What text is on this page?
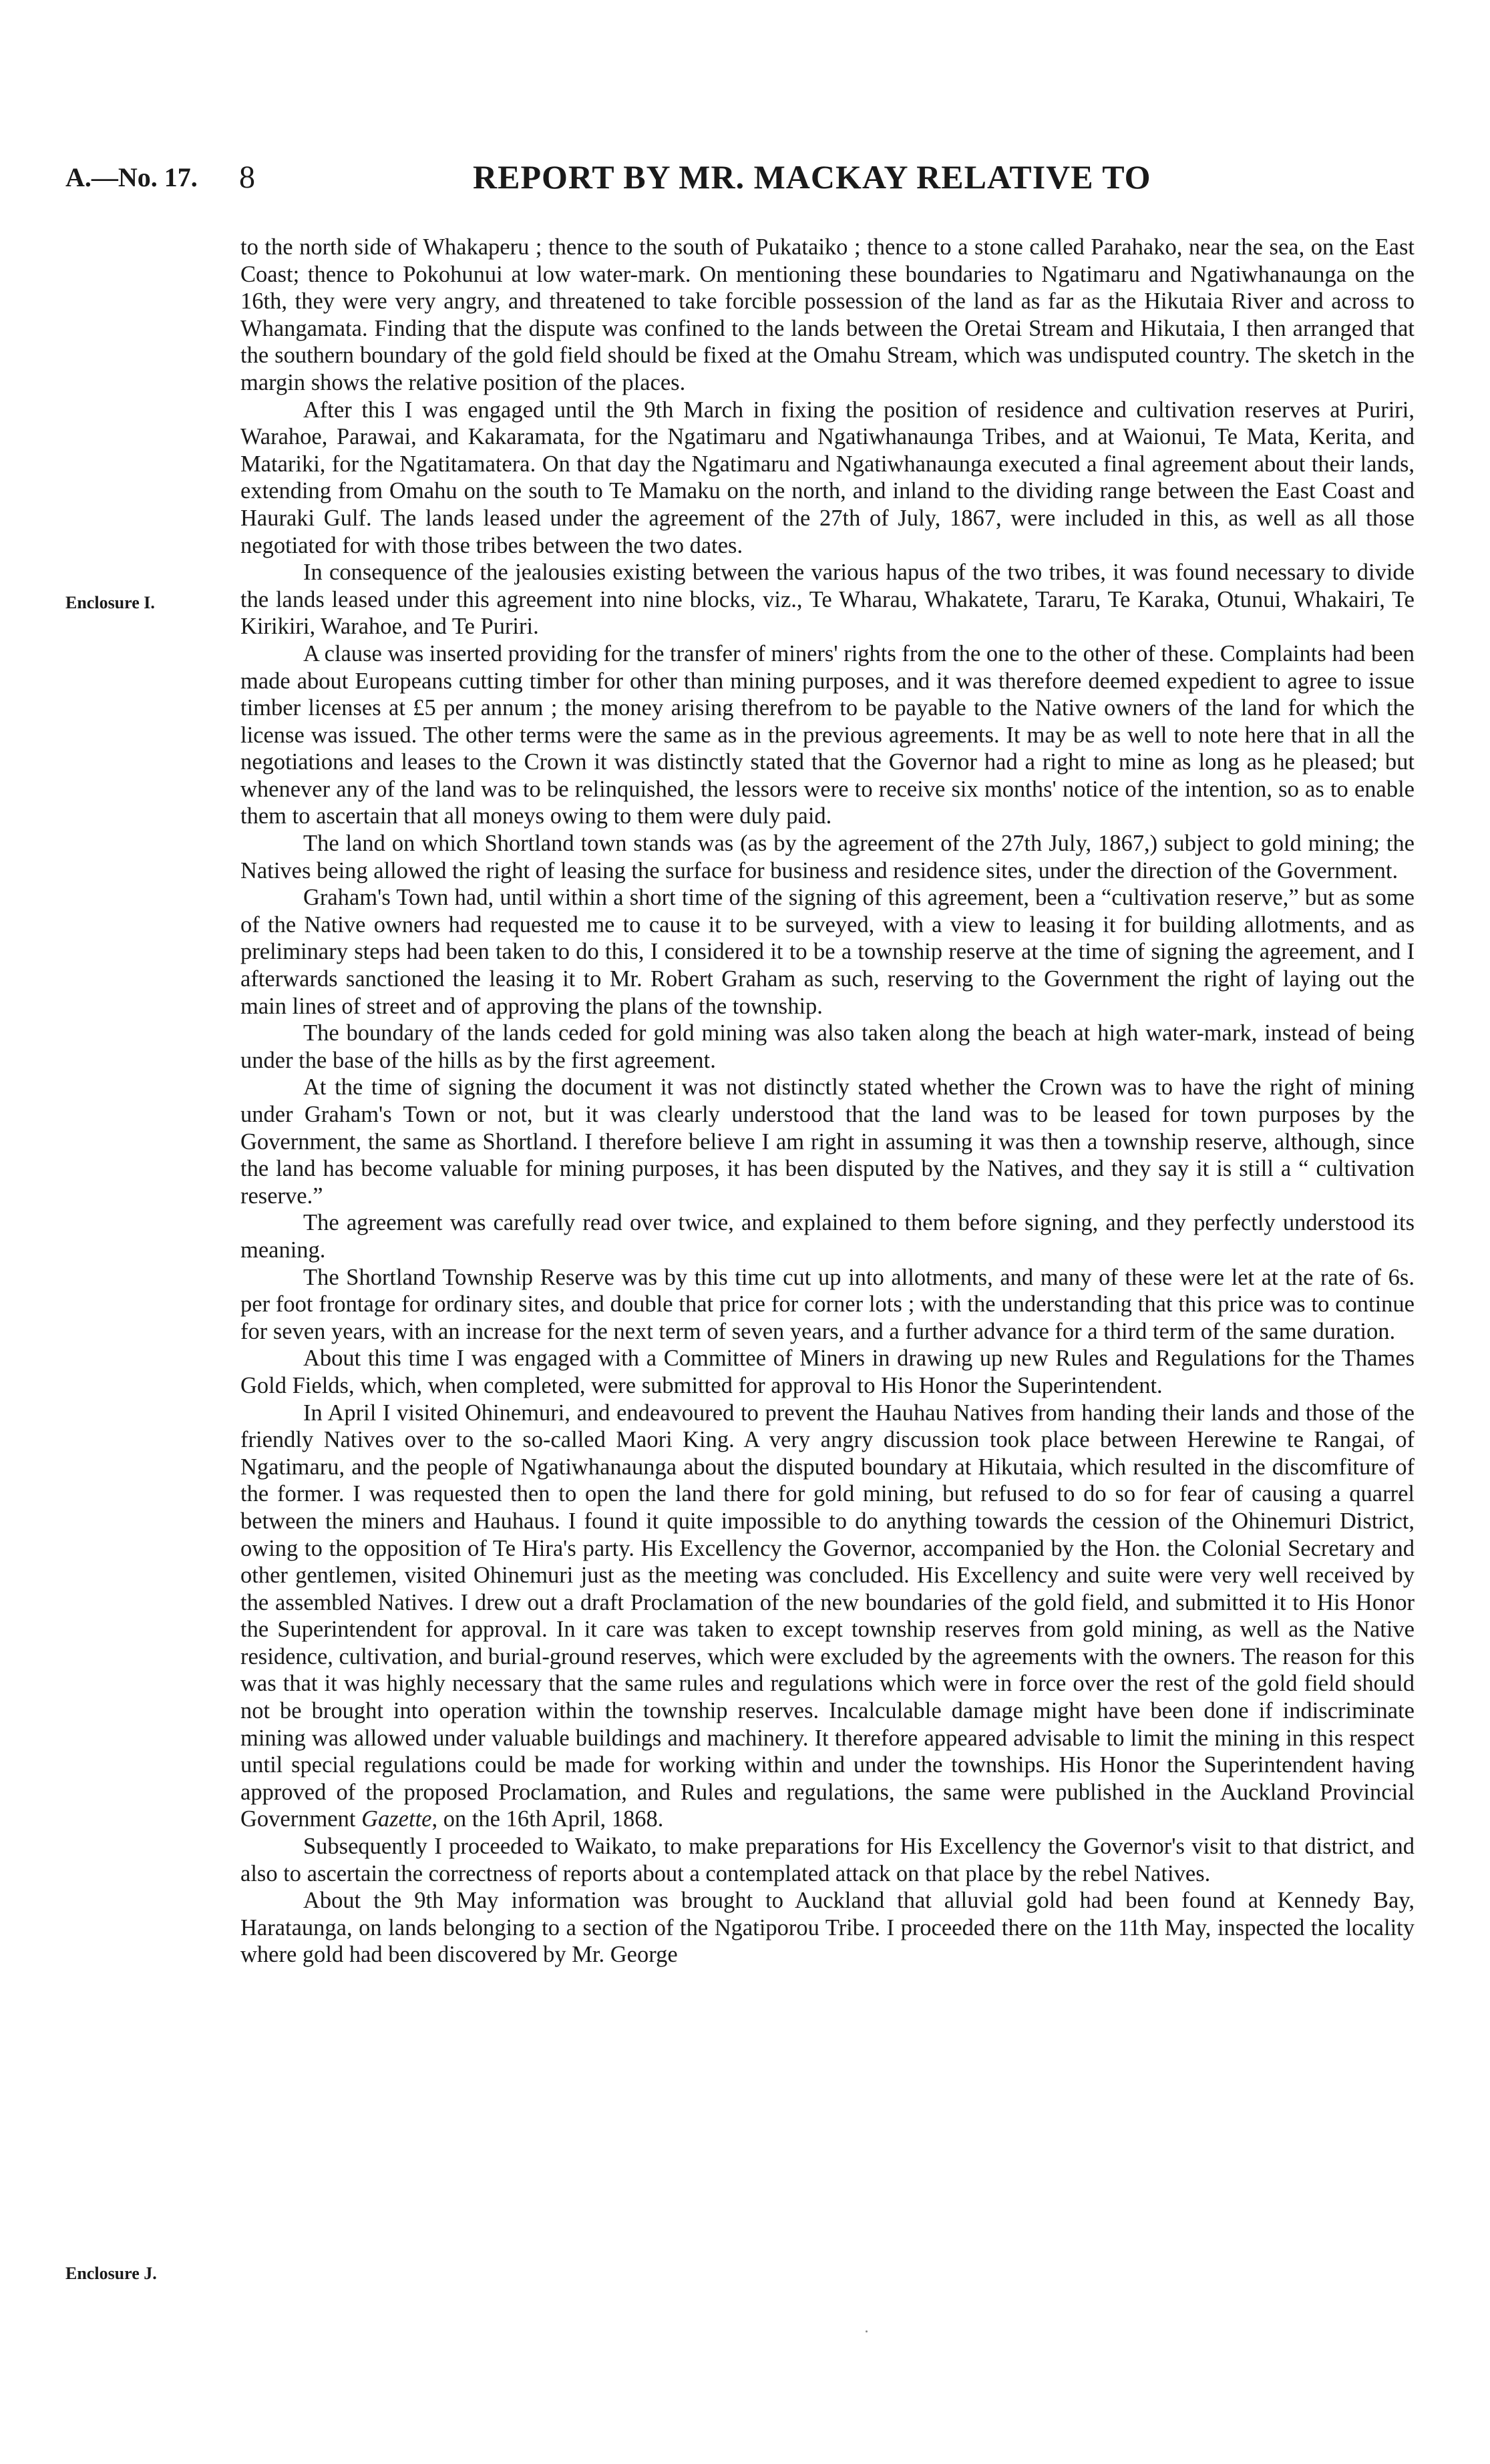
A.—No. 17. 8	REPORT BY MR. MACKAY RELATIVE TO
Enclosure I.
Enclosure J.

to the north side of Whakaperu ; thence to the south of Pukataiko ; thence to a stone called Parahako, near the sea, on the East Coast; thence to Pokohunui at low water-mark. On mentioning these boundaries to Ngatimaru and Ngatiwhanaunga on the 16th, they were very angry, and threatened to take forcible possession of the land as far as the Hikutaia River and across to Whangamata. Finding that the dispute was confined to the lands between the Oretai Stream and Hikutaia, I then arranged that the southern boundary of the gold field should be fixed at the Omahu Stream, which was undisputed country. The sketch in the margin shows the relative position of the places.

After this I was engaged until the 9th March in fixing the position of residence and cultivation reserves at Puriri, Warahoe, Parawai, and Kakaramata, for the Ngatimaru and Ngatiwhanaunga Tribes, and at Waionui, Te Mata, Kerita, and Matariki, for the Ngatitamatera. On that day the Ngatimaru and Ngatiwhanaunga executed a final agreement about their lands, extending from Omahu on the south to Te Mamaku on the north, and inland to the dividing range between the East Coast and Hauraki Gulf. The lands leased under the agreement of the 27th of July, 1867, were included in this, as well as all those negotiated for with those tribes between the two dates.

In consequence of the jealousies existing between the various hapus of the two tribes, it was found necessary to divide the lands leased under this agreement into nine blocks, viz., Te Wharau, Whakatete, Tararu, Te Karaka, Otunui, Whakairi, Te Kirikiri, Warahoe, and Te Puriri.

A clause was inserted providing for the transfer of miners' rights from the one to the other of these. Complaints had been made about Europeans cutting timber for other than mining purposes, and it was therefore deemed expedient to agree to issue timber licenses at £5 per annum ; the money arising therefrom to be payable to the Native owners of the land for which the license was issued. The other terms were the same as in the previous agreements. It may be as well to note here that in all the negotiations and leases to the Crown it was distinctly stated that the Governor had a right to mine as long as he pleased; but whenever any of the land was to be relinquished, the lessors were to receive six months' notice of the intention, so as to enable them to ascertain that all moneys owing to them were duly paid.

The land on which Shortland town stands was (as by the agreement of the 27th July, 1867,) subject to gold mining; the Natives being allowed the right of leasing the surface for business and residence sites, under the direction of the Government.

Graham's Town had, until within a short time of the signing of this agreement, been a “cultivation reserve,” but as some of the Native owners had requested me to cause it to be surveyed, with a view to leasing it for building allotments, and as preliminary steps had been taken to do this, I considered it to be a township reserve at the time of signing the agreement, and I afterwards sanctioned the leasing it to Mr. Robert Graham as such, reserving to the Government the right of laying out the main lines of street and of approving the plans of the township.

The boundary of the lands ceded for gold mining was also taken along the beach at high water-mark, instead of being under the base of the hills as by the first agreement.

At the time of signing the document it was not distinctly stated whether the Crown was to have the right of mining under Graham's Town or not, but it was clearly understood that the land was to be leased for town purposes by the Government, the same as Shortland. I therefore believe I am right in assuming it was then a township reserve, although, since the land has become valuable for mining purposes, it has been disputed by the Natives, and they say it is still a “ cultivation reserve.”

The agreement was carefully read over twice, and explained to them before signing, and they perfectly understood its meaning.

The Shortland Township Reserve was by this time cut up into allotments, and many of these were let at the rate of 6s. per foot frontage for ordinary sites, and double that price for corner lots ; with the understanding that this price was to continue for seven years, with an increase for the next term of seven years, and a further advance for a third term of the same duration.

About this time I was engaged with a Committee of Miners in drawing up new Rules and Regulations for the Thames Gold Fields, which, when completed, were submitted for approval to His Honor the Superintendent.

In April I visited Ohinemuri, and endeavoured to prevent the Hauhau Natives from handing their lands and those of the friendly Natives over to the so-called Maori King. A very angry discussion took place between Herewine te Rangai, of Ngatimaru, and the people of Ngatiwhanaunga about the disputed boundary at Hikutaia, which resulted in the discomfiture of the former. I was requested then to open the land there for gold mining, but refused to do so for fear of causing a quarrel between the miners and Hauhaus. I found it quite impossible to do anything towards the cession of the Ohinemuri District, owing to the opposition of Te Hira's party. His Excellency the Governor, accompanied by the Hon. the Colonial Secretary and other gentlemen, visited Ohinemuri just as the meeting was concluded. His Excellency and suite were very well received by the assembled Natives. I drew out a draft Proclamation of the new boundaries of the gold field, and submitted it to His Honor the Superintendent for approval. In it care was taken to except township reserves from gold mining, as well as the Native residence, cultivation, and burial-ground reserves, which were excluded by the agreements with the owners. The reason for this was that it was highly necessary that the same rules and regulations which were in force over the rest of the gold field should not be brought into operation within the township reserves. Incalculable damage might have been done if indiscriminate mining was allowed under valuable buildings and machinery. It therefore appeared advisable to limit the mining in this respect until special regulations could be made for working within and under the townships. His Honor the Superintendent having approved of the proposed Proclamation, and Rules and regulations, the same were published in the Auckland Provincial Government Gazette, on the 16th April, 1868.

Subsequently I proceeded to Waikato, to make preparations for His Excellency the Governor's visit to that district, and also to ascertain the correctness of reports about a contemplated attack on that place by the rebel Natives.

About the 9th May information was brought to Auckland that alluvial gold had been found at Kennedy Bay, Harataunga, on lands belonging to a section of the Ngatiporou Tribe. I proceeded there on the 11th May, inspected the locality where gold had been discovered by Mr. George
